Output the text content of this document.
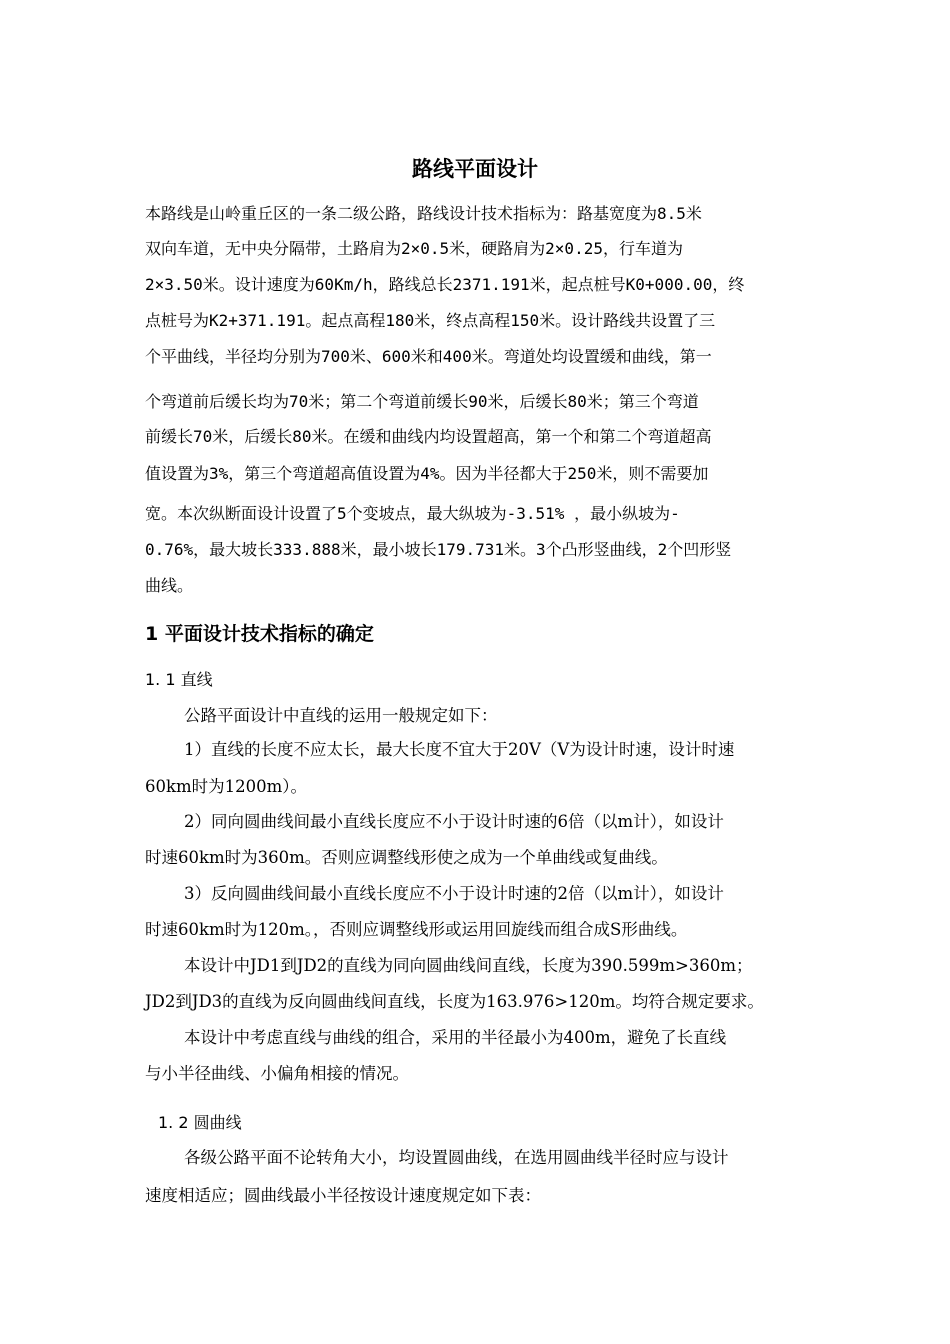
路线平面设计
本路线是山岭重丘区的一条二级公路，路线设计技术指标为：路基宽度为8.5米
双向车道，无中央分隔带，土路肩为2×0.5米，硬路肩为2×0.25，行车道为
2×3.50米。设计速度为60Km/h，路线总长2371.191米，起点桩号K0+000.00，终
点桩号为K2+371.191。起点高程180米，终点高程150米。设计路线共设置了三
个平曲线，半径均分别为700米、600米和400米。弯道处均设置缓和曲线，第一
个弯道前后缓长均为70米；第二个弯道前缓长90米，后缓长80米；第三个弯道
前缓长70米，后缓长80米。在缓和曲线内均设置超高，第一个和第二个弯道超高
值设置为3%，第三个弯道超高值设置为4%。因为半径都大于250米，则不需要加
宽。本次纵断面设计设置了5个变坡点，最大纵坡为-3.51% ，最小纵坡为-
0.76%，最大坡长333.888米，最小坡长179.731米。3个凸形竖曲线，2个凹形竖
曲线。
1 平面设计技术指标的确定
1. 1 直线
公路平面设计中直线的运用一般规定如下：
1）直线的长度不应太长，最大长度不宜大于20V（V为设计时速，设计时速
60km时为1200m）。
2）同向圆曲线间最小直线长度应不小于设计时速的6倍（以m计），如设计
时速60km时为360m。否则应调整线形使之成为一个单曲线或复曲线。
3）反向圆曲线间最小直线长度应不小于设计时速的2倍（以m计），如设计
时速60km时为120m。，否则应调整线形或运用回旋线而组合成S形曲线。
本设计中JD1到JD2的直线为同向圆曲线间直线，长度为390.599m>360m；
JD2到JD3的直线为反向圆曲线间直线，长度为163.976>120m。均符合规定要求。
本设计中考虑直线与曲线的组合，采用的半径最小为400m，避免了长直线
与小半径曲线、小偏角相接的情况。
1. 2 圆曲线
各级公路平面不论转角大小，均设置圆曲线，在选用圆曲线半径时应与设计
速度相适应；圆曲线最小半径按设计速度规定如下表：
